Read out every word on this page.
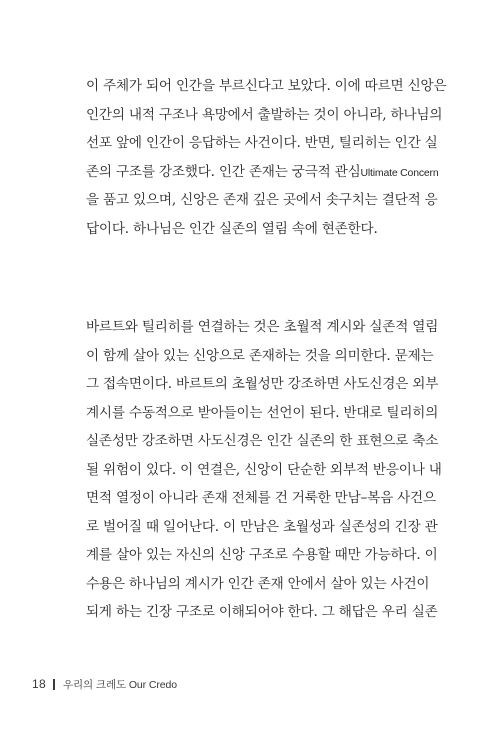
이 주체가 되어 인간을 부르신다고 보았다. 이에 따르면 신앙은
인간의 내적 구조나 욕망에서 출발하는 것이 아니라, 하나님의
선포 앞에 인간이 응답하는 사건이다. 반면, 틸리히는 인간 실
존의 구조를 강조했다. 인간 존재는 궁극적 관심Ultimate Concern
을 품고 있으며, 신앙은 존재 깊은 곳에서 솟구치는 결단적 응
답이다. 하나님은 인간 실존의 열림 속에 현존한다.
바르트와 틸리히를 연결하는 것은 초월적 계시와 실존적 열림
이 함께 살아 있는 신앙으로 존재하는 것을 의미한다. 문제는
그 접속면이다. 바르트의 초월성만 강조하면 사도신경은 외부
계시를 수동적으로 받아들이는 선언이 된다. 반대로 틸리히의
실존성만 강조하면 사도신경은 인간 실존의 한 표현으로 축소
될 위험이 있다. 이 연결은, 신앙이 단순한 외부적 반응이나 내
면적 열정이 아니라 존재 전체를 건 거룩한 만남–복음 사건으
로 벌어질 때 일어난다. 이 만남은 초월성과 실존성의 긴장 관
계를 살아 있는 자신의 신앙 구조로 수용할 때만 가능하다. 이
수용은 하나님의 계시가 인간 존재 안에서 살아 있는 사건이
되게 하는 긴장 구조로 이해되어야 한다. 그 해답은 우리 실존
18 우리의 크레도 Our Credo
